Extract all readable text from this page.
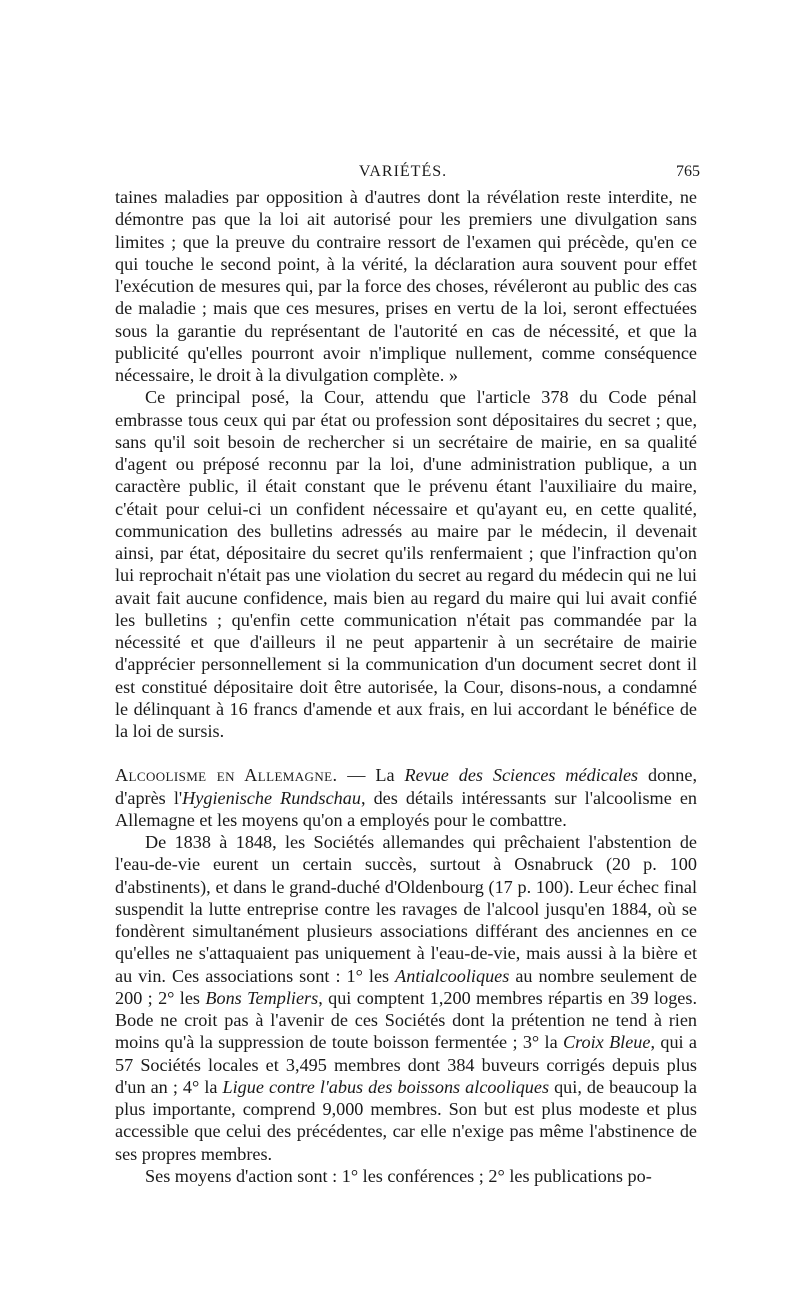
VARIÉTÉS.	765

taines maladies par opposition à d'autres dont la révélation reste interdite, ne démontre pas que la loi ait autorisé pour les premiers une divulgation sans limites ; que la preuve du contraire ressort de l'examen qui précède, qu'en ce qui touche le second point, à la vérité, la déclaration aura souvent pour effet l'exécution de mesures qui, par la force des choses, révéleront au public des cas de maladie ; mais que ces mesures, prises en vertu de la loi, seront effectuées sous la garantie du représentant de l'autorité en cas de nécessité, et que la publicité qu'elles pourront avoir n'implique nullement, comme conséquence nécessaire, le droit à la divulgation complète. »

Ce principal posé, la Cour, attendu que l'article 378 du Code pénal embrasse tous ceux qui par état ou profession sont dépositaires du secret ; que, sans qu'il soit besoin de rechercher si un secrétaire de mairie, en sa qualité d'agent ou préposé reconnu par la loi, d'une administration publique, a un caractère public, il était constant que le prévenu étant l'auxiliaire du maire, c'était pour celui-ci un confident nécessaire et qu'ayant eu, en cette qualité, communication des bulletins adressés au maire par le médecin, il devenait ainsi, par état, dépositaire du secret qu'ils renfermaient ; que l'infraction qu'on lui reprochait n'était pas une violation du secret au regard du médecin qui ne lui avait fait aucune confidence, mais bien au regard du maire qui lui avait confié les bulletins ; qu'enfin cette communication n'était pas commandée par la nécessité et que d'ailleurs il ne peut appartenir à un secrétaire de mairie d'apprécier personnellement si la communication d'un document secret dont il est constitué dépositaire doit être autorisée, la Cour, disons-nous, a condamné le délinquant à 16 francs d'amende et aux frais, en lui accordant le bénéfice de la loi de sursis.

Alcoolisme en Allemagne. — La Revue des Sciences médicales donne, d'après l'Hygienische Rundschau, des détails intéressants sur l'alcoolisme en Allemagne et les moyens qu'on a employés pour le combattre.

De 1838 à 1848, les Sociétés allemandes qui prêchaient l'abstention de l'eau-de-vie eurent un certain succès, surtout à Osnabruck (20 p. 100 d'abstinents), et dans le grand-duché d'Oldenbourg (17 p. 100). Leur échec final suspendit la lutte entreprise contre les ravages de l'alcool jusqu'en 1884, où se fondèrent simultanément plusieurs associations différant des anciennes en ce qu'elles ne s'attaquaient pas uniquement à l'eau-de-vie, mais aussi à la bière et au vin. Ces associations sont : 1° les Antialcooliques au nombre seulement de 200 ; 2° les Bons Templiers, qui comptent 1,200 membres répartis en 39 loges. Bode ne croit pas à l'avenir de ces Sociétés dont la prétention ne tend à rien moins qu'à la suppression de toute boisson fermentée ; 3° la Croix Bleue, qui a 57 Sociétés locales et 3,495 membres dont 384 buveurs corrigés depuis plus d'un an ; 4° la Ligue contre l'abus des boissons alcooliques qui, de beaucoup la plus importante, comprend 9,000 membres. Son but est plus modeste et plus accessible que celui des précédentes, car elle n'exige pas même l'abstinence de ses propres membres.

Ses moyens d'action sont : 1° les conférences ; 2° les publications po-
